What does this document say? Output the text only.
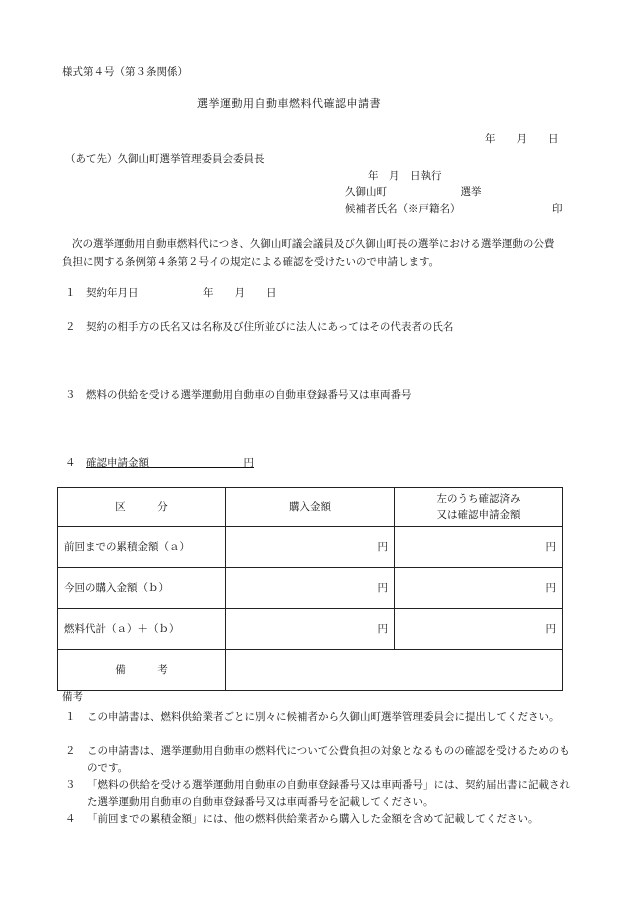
様式第４号（第３条関係）
選挙運動用自動車燃料代確認申請書
年　　月　　日
（あて先）久御山町選挙管理委員会委員長
年　月　日執行
久御山町　　　　　　　選挙
候補者氏名（※戸籍名）	印
次の選挙運動用自動車燃料代につき、久御山町議会議員及び久御山町長の選挙における選挙運動の公費負担に関する条例第４条第２号イの規定による確認を受けたいので申請します。
１ 契約年月日	年　　月　　日
２ 契約の相手方の氏名又は名称及び住所並びに法人にあってはその代表者の氏名
３ 燃料の供給を受ける選挙運動用自動車の自動車登録番号又は車両番号
４ 確認申請金額　　　　　　　　　円
区　　　分	購入金額	左のうち確認済み
又は確認申請金額

前回までの累積金額（ａ）	円	円
今回の購入金額（ｂ）	円	円
燃料代計（ａ）＋（ｂ）	円	円
備　　　考		
備考
１	この申請書は、燃料供給業者ごとに別々に候補者から久御山町選挙管理委員会に提出してください。
２	この申請書は、選挙運動用自動車の燃料代について公費負担の対象となるものの確認を受けるためのものです。
３	「燃料の供給を受ける選挙運動用自動車の自動車登録番号又は車両番号」には、契約届出書に記載された選挙運動用自動車の自動車登録番号又は車両番号を記載してください。
４	「前回までの累積金額」には、他の燃料供給業者から購入した金額を含めて記載してください。
